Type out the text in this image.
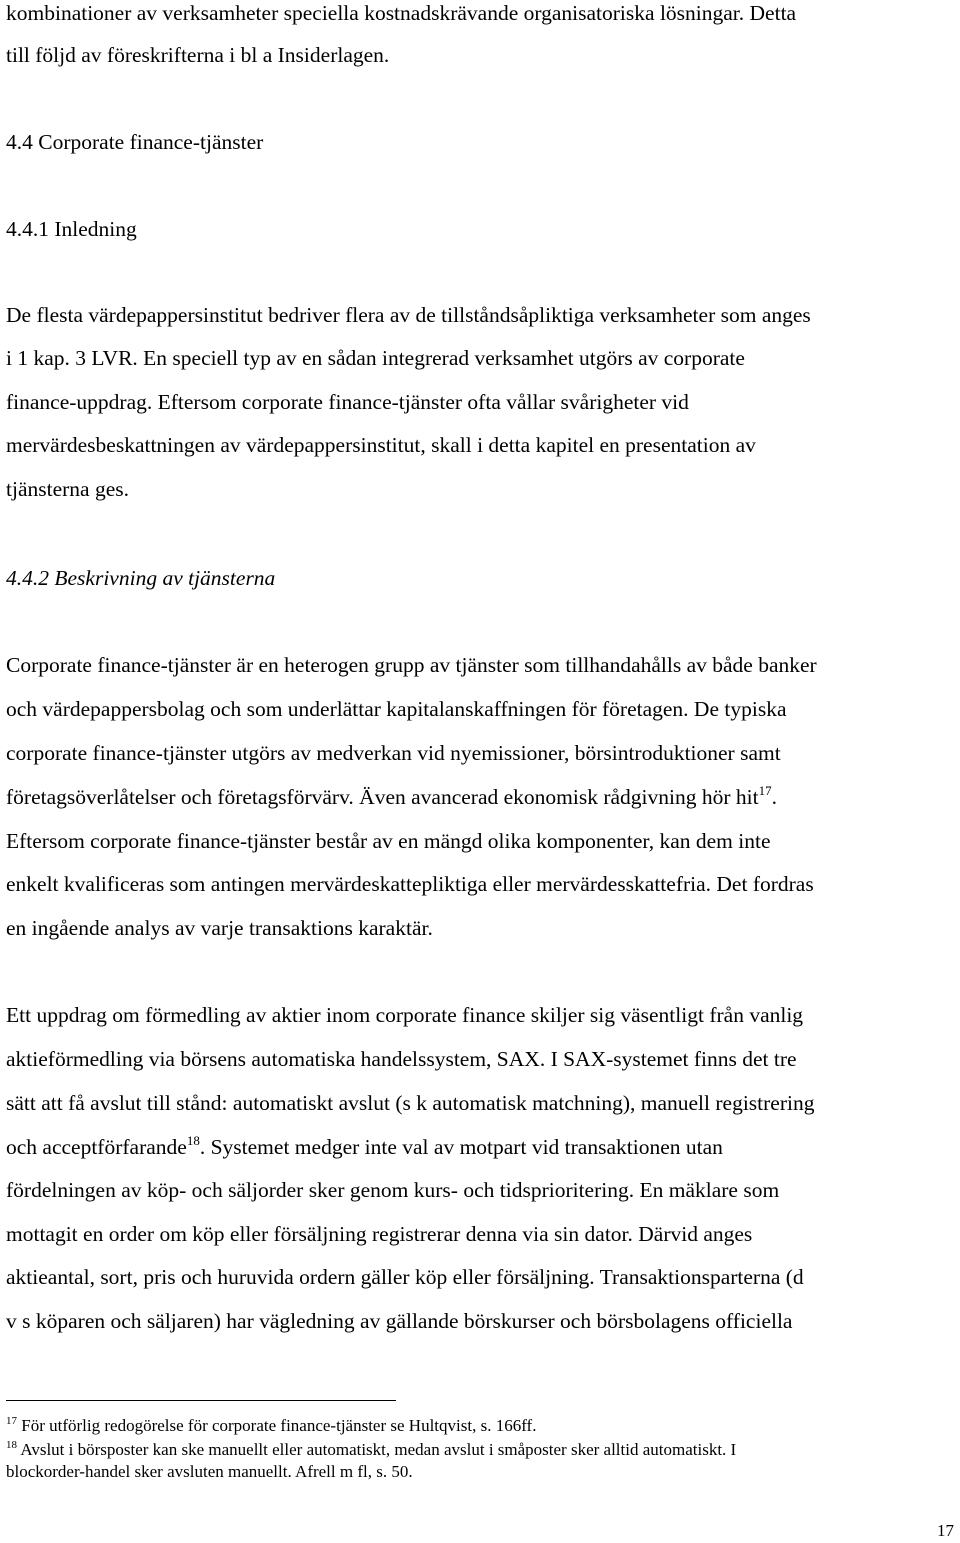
kombinationer av verksamheter speciella kostnadskrävande organisatoriska lösningar. Detta
till följd av föreskrifterna i bl a Insiderlagen.
4.4 Corporate finance-tjänster
4.4.1 Inledning
De flesta värdepappersinstitut bedriver flera av de tillståndsåpliktiga verksamheter som anges
i 1 kap. 3 LVR. En speciell typ av en sådan integrerad verksamhet utgörs av corporate
finance-uppdrag. Eftersom corporate finance-tjänster ofta vållar svårigheter vid
mervärdesbeskattningen av värdepappersinstitut, skall i detta kapitel en presentation av
tjänsterna ges.
4.4.2 Beskrivning av tjänsterna
Corporate finance-tjänster är en heterogen grupp av tjänster som tillhandahålls av både banker
och värdepappersbolag och som underlättar kapitalanskaffningen för företagen. De typiska
corporate finance-tjänster utgörs av medverkan vid nyemissioner, börsintroduktioner samt
företagsöverlåtelser och företagsförvärv. Även avancerad ekonomisk rådgivning hör hit$^{17}$.
Eftersom corporate finance-tjänster består av en mängd olika komponenter, kan dem inte
enkelt kvalificeras som antingen mervärdeskattepliktiga eller mervärdesskattefria. Det fordras
en ingående analys av varje transaktions karaktär.
Ett uppdrag om förmedling av aktier inom corporate finance skiljer sig väsentligt från vanlig
aktieförmedling via börsens automatiska handelssystem, SAX. I SAX-systemet finns det tre
sätt att få avslut till stånd: automatiskt avslut (s k automatisk matchning), manuell registrering
och acceptförfarande$^{18}$. Systemet medger inte val av motpart vid transaktionen utan
fördelningen av köp- och säljorder sker genom kurs- och tidsprioritering. En mäklare som
mottagit en order om köp eller försäljning registrerar denna via sin dator. Därvid anges
aktieantal, sort, pris och huruvida ordern gäller köp eller försäljning. Transaktionsparterna (d
v s köparen och säljaren) har vägledning av gällande börskurser och börsbolagens officiella
$^{17}$ För utförlig redogörelse för corporate finance-tjänster se Hultqvist, s. 166ff.
$^{18}$ Avslut i börsposter kan ske manuellt eller automatiskt, medan avslut i småposter sker alltid automatiskt. I
blockorder-handel sker avsluten manuellt. Afrell m fl, s. 50.
17
